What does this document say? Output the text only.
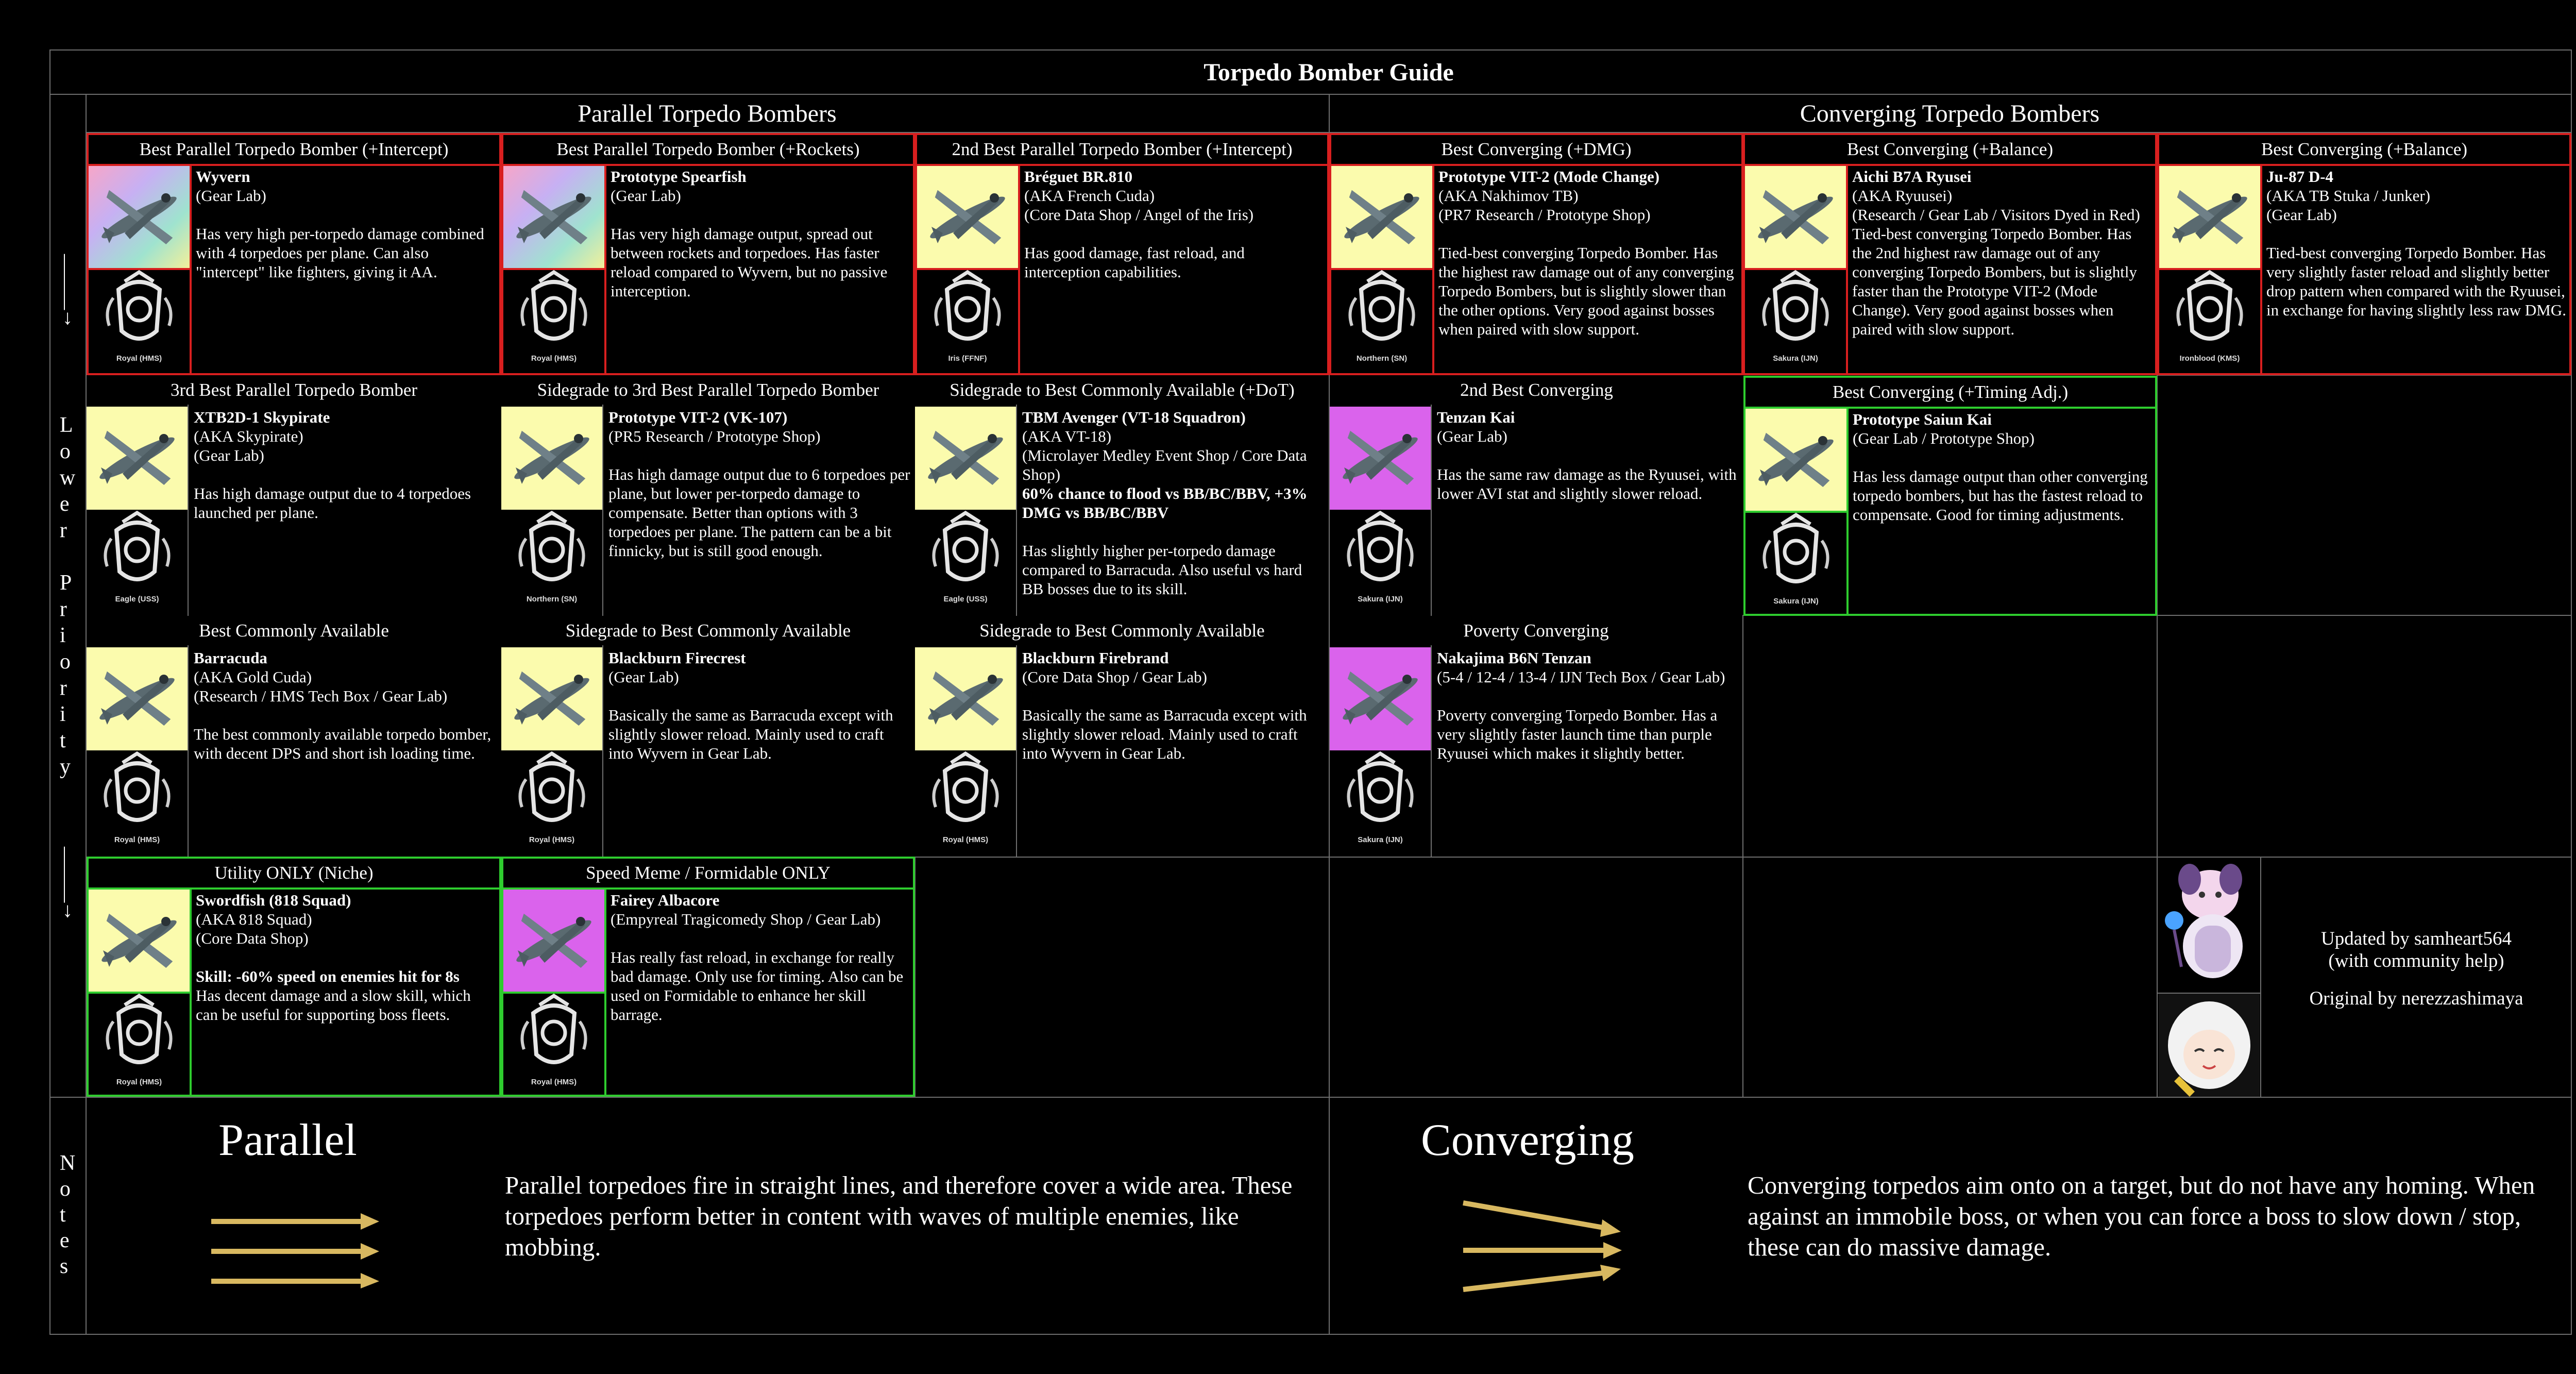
Torpedo Bomber Guide
Parallel Torpedo Bombers	Converging Torpedo Bombers
|
|
|
↓
L
o
w
e
r

P
r
i
o
r
i
t
y
|
|
|
↓
N
o
t
e
s
Best Parallel Torpedo Bomber (+Intercept)
Royal (HMS)

Wyvern

(Gear Lab)

Has very high per-torpedo damage combined with 4 torpedoes per plane. Can also "intercept" like fighters, giving it AA.

Best Parallel Torpedo Bomber (+Rockets)
Royal (HMS)

Prototype Spearfish

(Gear Lab)

Has very high damage output, spread out between rockets and torpedoes. Has faster reload compared to Wyvern, but no passive interception.

2nd Best Parallel Torpedo Bomber (+Intercept)
Iris (FFNF)

Bréguet BR.810

(AKA French Cuda)

(Core Data Shop / Angel of the Iris)

Has good damage, fast reload, and interception capabilities.

Best Converging (+DMG)
Northern (SN)

Prototype VIT-2 (Mode Change)

(AKA Nakhimov TB)

(PR7 Research / Prototype Shop)

Tied-best converging Torpedo Bomber. Has the highest raw damage out of any converging Torpedo Bombers, but is slightly slower than the other options. Very good against bosses when paired with slow support.

Best Converging (+Balance)
Sakura (IJN)

Aichi B7A Ryusei

(AKA Ryuusei)

(Research / Gear Lab / Visitors Dyed in Red)

Tied-best converging Torpedo Bomber. Has the 2nd highest raw damage out of any converging Torpedo Bombers, but is slightly faster than the Prototype VIT-2 (Mode Change). Very good against bosses when paired with slow support.

Best Converging (+Balance)
Ironblood (KMS)

Ju-87 D-4

(AKA TB Stuka / Junker)

(Gear Lab)

Tied-best converging Torpedo Bomber. Has very slightly faster reload and slightly better drop pattern when compared with the Ryuusei, in exchange for having slightly less raw DMG.

3rd Best Parallel Torpedo Bomber
Eagle (USS)

XTB2D-1 Skypirate

(AKA Skypirate)

(Gear Lab)

Has high damage output due to 4 torpedoes launched per plane.

Sidegrade to 3rd Best Parallel Torpedo Bomber
Northern (SN)

Prototype VIT-2 (VK-107)

(PR5 Research / Prototype Shop)

Has high damage output due to 6 torpedoes per plane, but lower per-torpedo damage to compensate. Better than options with 3 torpedoes per plane. The pattern can be a bit finnicky, but is still good enough.

Sidegrade to Best Commonly Available (+DoT)
Eagle (USS)

TBM Avenger (VT-18 Squadron)

(AKA VT-18)

(Microlayer Medley Event Shop / Core Data Shop)

60% chance to flood vs BB/BC/BBV, +3% DMG vs BB/BC/BBV

Has slightly higher per-torpedo damage compared to Barracuda. Also useful vs hard BB bosses due to its skill.

2nd Best Converging
Sakura (IJN)

Tenzan Kai

(Gear Lab)

Has the same raw damage as the Ryuusei, with lower AVI stat and slightly slower reload.

Best Converging (+Timing Adj.)
Sakura (IJN)

Prototype Saiun Kai

(Gear Lab / Prototype Shop)

Has less damage output than other converging torpedo bombers, but has the fastest reload to compensate. Good for timing adjustments.

Best Commonly Available
Royal (HMS)

Barracuda

(AKA Gold Cuda)

(Research / HMS Tech Box / Gear Lab)

The best commonly available torpedo bomber, with decent DPS and short ish loading time.

Sidegrade to Best Commonly Available
Royal (HMS)

Blackburn Firecrest

(Gear Lab)

Basically the same as Barracuda except with slightly slower reload. Mainly used to craft into Wyvern in Gear Lab.

Sidegrade to Best Commonly Available
Royal (HMS)

Blackburn Firebrand

(Core Data Shop / Gear Lab)

Basically the same as Barracuda except with slightly slower reload. Mainly used to craft into Wyvern in Gear Lab.

Poverty Converging
Sakura (IJN)

Nakajima B6N Tenzan

(5-4 / 12-4 / 13-4 / IJN Tech Box / Gear Lab)

Poverty converging Torpedo Bomber. Has a very slightly faster launch time than purple Ryuusei which makes it slightly better.

Utility ONLY (Niche)
Royal (HMS)

Swordfish (818 Squad)

(AKA 818 Squad)

(Core Data Shop)

Skill: -60% speed on enemies hit for 8s

Has decent damage and a slow skill, which can be useful for supporting boss fleets.

Speed Meme / Formidable ONLY
Royal (HMS)

Fairey Albacore

(Empyreal Tragicomedy Shop / Gear Lab)

Has really fast reload, in exchange for really bad damage. Only use for timing. Also can be used on Formidable to enhance her skill barrage.

Updated by samheart564
(with community help)
Original by nerezzashimaya
Parallel
Parallel torpedoes fire in straight lines, and therefore cover a wide area. These torpedoes perform better in content with waves of multiple enemies, like mobbing.
Converging
Converging torpedos aim onto on a target, but do not have any homing. When against an immobile boss, or when you can force a boss to slow down / stop, these can do massive damage.
